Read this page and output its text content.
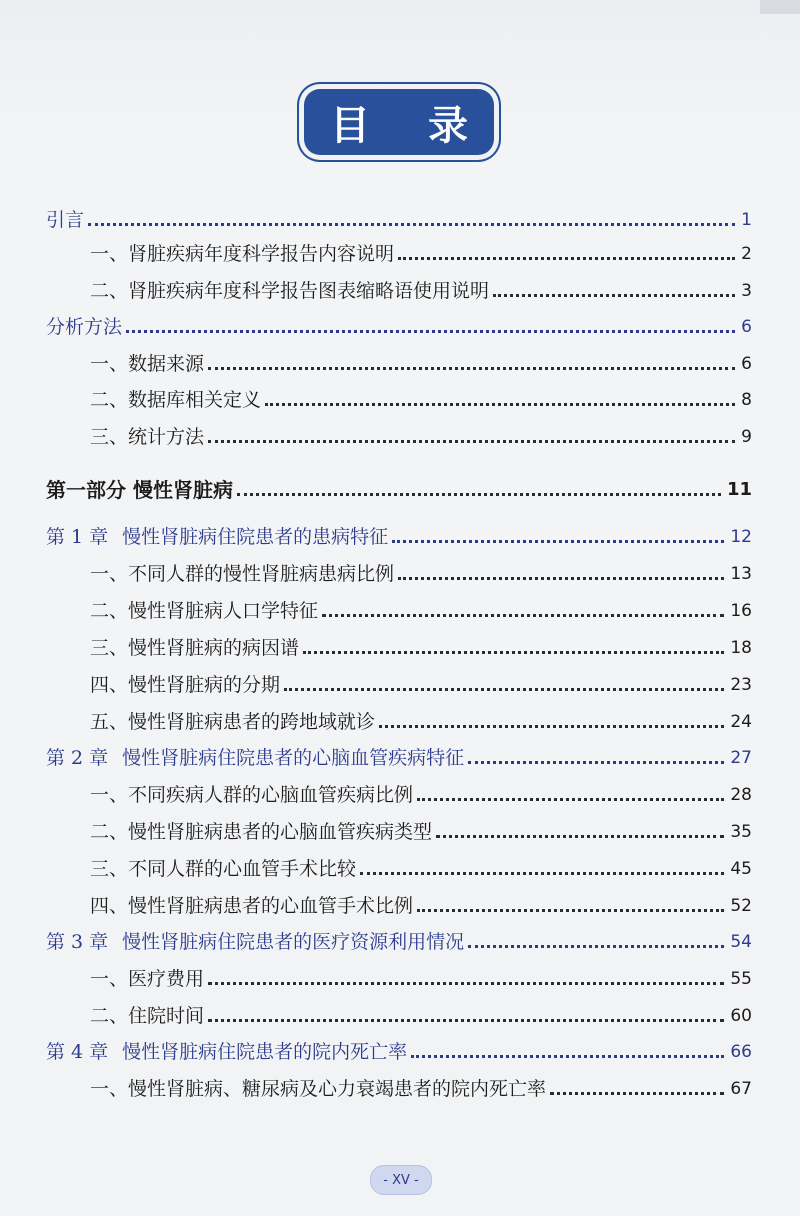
目 录
引言	1
一、肾脏疾病年度科学报告内容说明	2
二、肾脏疾病年度科学报告图表缩略语使用说明	3
分析方法	6
一、数据来源	6
二、数据库相关定义	8
三、统计方法	9
第一部分 慢性肾脏病	11
第 1 章 慢性肾脏病住院患者的患病特征	12
一、不同人群的慢性肾脏病患病比例	13
二、慢性肾脏病人口学特征	16
三、慢性肾脏病的病因谱	18
四、慢性肾脏病的分期	23
五、慢性肾脏病患者的跨地域就诊	24
第 2 章 慢性肾脏病住院患者的心脑血管疾病特征	27
一、不同疾病人群的心脑血管疾病比例	28
二、慢性肾脏病患者的心脑血管疾病类型	35
三、不同人群的心血管手术比较	45
四、慢性肾脏病患者的心血管手术比例	52
第 3 章 慢性肾脏病住院患者的医疗资源利用情况	54
一、医疗费用	55
二、住院时间	60
第 4 章 慢性肾脏病住院患者的院内死亡率	66
一、慢性肾脏病、糖尿病及心力衰竭患者的院内死亡率	67
- XV -
